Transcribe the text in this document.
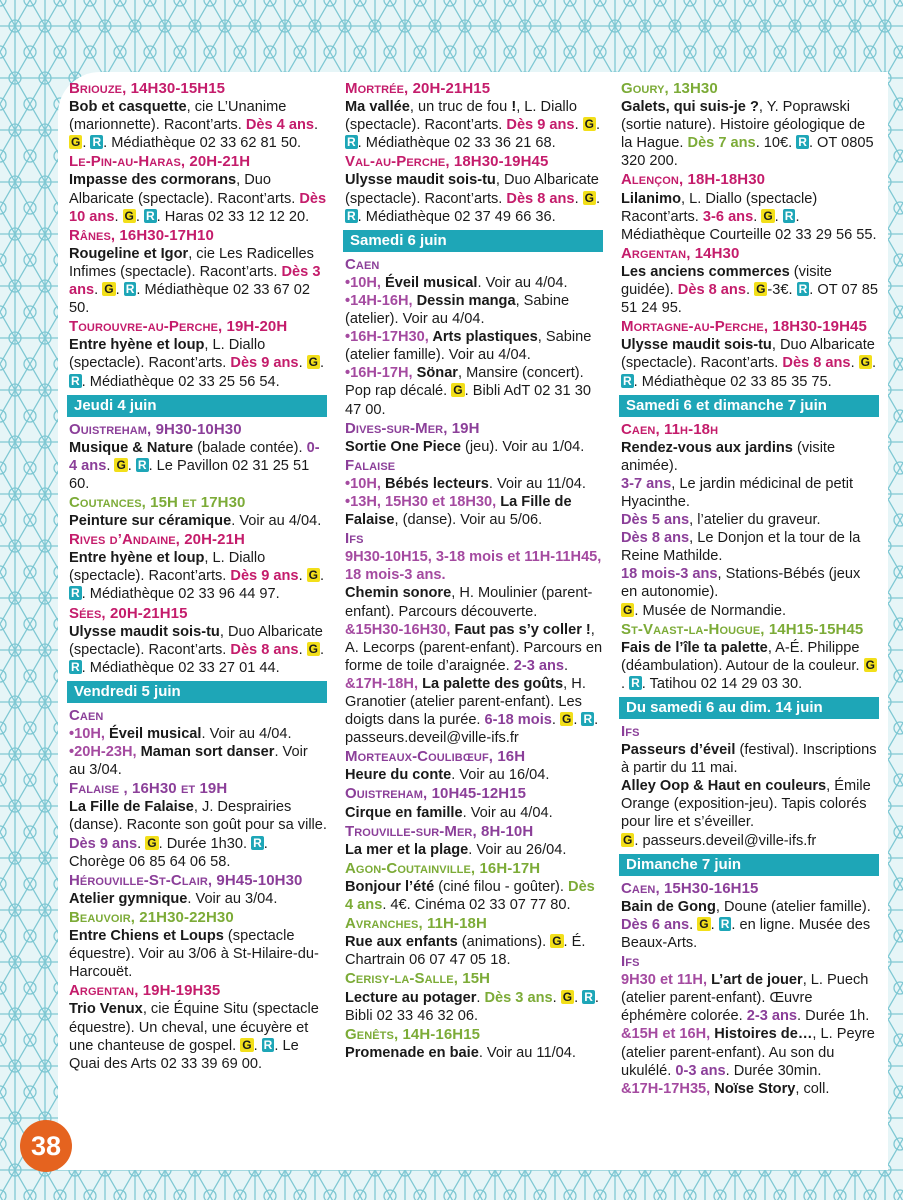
Briouze, 14H30-15H15
Bob et casquette, cie L’Unanime (marionnette). Racont’arts. Dès 4 ans. G . R . Médiathèque 02 33 62 81 50.
Le-Pin-au-Haras, 20H-21H
Impasse des cormorans, Duo Albaricate (spectacle). Racont’arts. Dès 10 ans. G . R . Haras 02 33 12 12 20.
Rânes, 16H30-17H10
Rougeline et Igor, cie Les Radicelles Infimes (spectacle). Racont’arts. Dès 3 ans. G . R . Médiathèque 02 33 67 02 50.
Tourouvre-au-Perche, 19H-20H
Entre hyène et loup, L. Diallo (spectacle). Racont’arts. Dès 9 ans. G . R . Médiathèque 02 33 25 56 54.
Jeudi 4 juin
Ouistreham, 9H30-10H30
Musique & Nature (balade contée). 0-4 ans. G . R . Le Pavillon 02 31 25 51 60.
Coutances, 15H et 17H30
Peinture sur céramique. Voir au 4/04.
Rives d’Andaine, 20H-21H
Entre hyène et loup, L. Diallo (spectacle). Racont’arts. Dès 9 ans. G . R . Médiathèque 02 33 96 44 97.
Sées, 20H-21H15
Ulysse maudit sois-tu, Duo Albaricate (spectacle). Racont’arts. Dès 8 ans. G . R . Médiathèque 02 33 27 01 44.
Vendredi 5 juin
Caen
•10H, Éveil musical. Voir au 4/04.
•20H-23H, Maman sort danser. Voir au 3/04.
Falaise , 16H30 et 19H
La Fille de Falaise, J. Desprairies (danse). Raconte son goût pour sa ville. Dès 9 ans. G . Durée 1h30. R . Chorège 06 85 64 06 58.
Hérouville-St-Clair, 9H45-10H30
Atelier gymnique. Voir au 3/04.
Beauvoir, 21H30-22H30
Entre Chiens et Loups (spectacle équestre). Voir au 3/06 à St-Hilaire-du-Harcouët.
Argentan, 19H-19H35
Trio Venux, cie Équine Situ (spectacle équestre). Un cheval, une écuyère et une chanteuse de gospel. G . R . Le Quai des Arts 02 33 39 69 00.
Mortrée, 20H-21H15
Ma vallée, un truc de fou !, L. Diallo (spectacle). Racont’arts. Dès 9 ans. G . R . Médiathèque 02 33 36 21 68.
Val-au-Perche, 18H30-19H45
Ulysse maudit sois-tu, Duo Albaricate (spectacle). Racont’arts. Dès 8 ans. G . R . Médiathèque 02 37 49 66 36.
Samedi 6 juin
Caen
•10H, Éveil musical. Voir au 4/04.
•14H-16H, Dessin manga, Sabine (atelier). Voir au 4/04.
•16H-17H30, Arts plastiques, Sabine (atelier famille). Voir au 4/04.
•16H-17H, Sönar, Mansire (concert). Pop rap décalé. G . Bibli AdT 02 31 30 47 00.
Dives-sur-Mer, 19H
Sortie One Piece (jeu). Voir au 1/04.
Falaise
•10H, Bébés lecteurs. Voir au 11/04.
•13H, 15H30 et 18H30, La Fille de Falaise, (danse). Voir au 5/06.
Ifs
9H30-10H15, 3-18 mois et 11H-11H45, 18 mois-3 ans.
Chemin sonore, H. Moulinier (parent-enfant). Parcours découverte.
&15H30-16H30, Faut pas s’y coller !, A. Lecorps (parent-enfant). Parcours en forme de toile d’araignée. 2-3 ans.
&17H-18H, La palette des goûts, H. Granotier (atelier parent-enfant). Les doigts dans la purée. 6-18 mois. G . R . passeurs.deveil@ville-ifs.fr
Morteaux-Coulibœuf, 16H
Heure du conte. Voir au 16/04.
Ouistreham, 10H45-12H15
Cirque en famille. Voir au 4/04.
Trouville-sur-Mer, 8H-10H
La mer et la plage. Voir au 26/04.
Agon-Coutainville, 16H-17H
Bonjour l’été (ciné filou - goûter). Dès 4 ans. 4€. Cinéma 02 33 07 77 80.
Avranches, 11H-18H
Rue aux enfants (animations). G . É. Chartrain 06 07 47 05 18.
Cerisy-la-Salle, 15H
Lecture au potager. Dès 3 ans. G . R . Bibli 02 33 46 32 06.
Genêts, 14H-16H15
Promenade en baie. Voir au 11/04.
Goury, 13H30
Galets, qui suis-je ?, Y. Poprawski (sortie nature). Histoire géologique de la Hague. Dès 7 ans. 10€. R . OT 0805 320 200.
Alençon, 18H-18H30
Lilanimo, L. Diallo (spectacle) Racont’arts. 3-6 ans. G . R . Médiathèque Courteille 02 33 29 56 55.
Argentan, 14H30
Les anciens commerces (visite guidée). Dès 8 ans. G -3€. R . OT 07 85 51 24 95.
Mortagne-au-Perche, 18H30-19H45
Ulysse maudit sois-tu, Duo Albaricate (spectacle). Racont’arts. Dès 8 ans. G . R . Médiathèque 02 33 85 35 75.
Samedi 6 et dimanche 7 juin
Caen, 11h-18h
Rendez-vous aux jardins (visite animée).
3-7 ans, Le jardin médicinal de petit Hyacinthe.
Dès 5 ans, l’atelier du graveur.
Dès 8 ans, Le Donjon et la tour de la Reine Mathilde.
18 mois-3 ans, Stations-Bébés (jeux en autonomie).
G . Musée de Normandie.
St-Vaast-la-Hougue, 14H15-15H45
Fais de l’île ta palette, A-É. Philippe (déambulation). Autour de la couleur. G. R . Tatihou 02 14 29 03 30.
Du samedi 6 au dim. 14 juin
Ifs
Passeurs d’éveil (festival). Inscriptions à partir du 11 mai.
Alley Oop & Haut en couleurs, Émile Orange (exposition-jeu). Tapis colorés pour lire et s’éveiller.
G . passeurs.deveil@ville-ifs.fr
Dimanche 7 juin
Caen, 15H30-16H15
Bain de Gong, Doune (atelier famille). Dès 6 ans. G . R . en ligne. Musée des Beaux-Arts.
Ifs
9H30 et 11H, L’art de jouer, L. Puech (atelier parent-enfant). Œuvre éphémère colorée. 2-3 ans. Durée 1h.
&15H et 16H, Histoires de…, L. Peyre (atelier parent-enfant). Au son du ukulélé. 0-3 ans. Durée 30min.
&17H-17H35, Noïse Story, coll.
38
